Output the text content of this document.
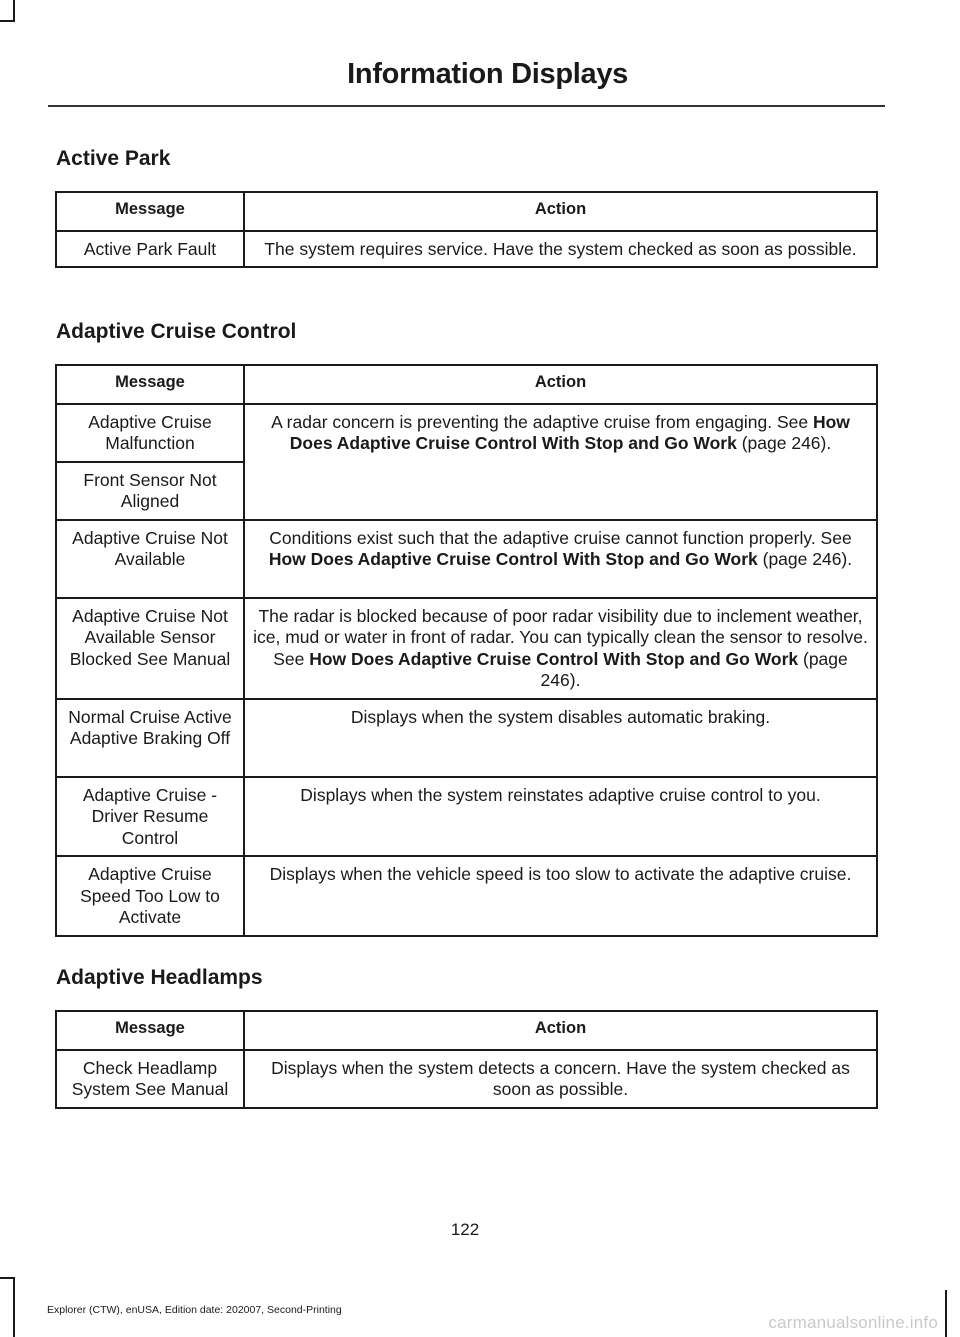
Information Displays
Active Park
Message	Action
Active Park Fault	The system requires service. Have the system checked as soon as possible.
Adaptive Cruise Control
Message	Action
Adaptive Cruise Malfunction	A radar concern is preventing the adaptive cruise from engaging. See How Does Adaptive Cruise Control With Stop and Go Work (page 246).
Front Sensor Not Aligned	
Adaptive Cruise Not Available	Conditions exist such that the adaptive cruise cannot function properly. See How Does Adaptive Cruise Control With Stop and Go Work (page 246).
Adaptive Cruise Not Available Sensor Blocked See Manual	The radar is blocked because of poor radar visibility due to inclement weather, ice, mud or water in front of radar. You can typically clean the sensor to resolve. See How Does Adaptive Cruise Control With Stop and Go Work (page 246).
Normal Cruise Active Adaptive Braking Off	Displays when the system disables automatic braking.
Adaptive Cruise - Driver Resume Control	Displays when the system reinstates adaptive cruise control to you.
Adaptive Cruise Speed Too Low to Activate	Displays when the vehicle speed is too slow to activate the adaptive cruise.
Adaptive Headlamps
Message	Action
Check Headlamp System See Manual	Displays when the system detects a concern. Have the system checked as soon as possible.
122
Explorer (CTW), enUSA, Edition date: 202007, Second-Printing
carmanualsonline.info
